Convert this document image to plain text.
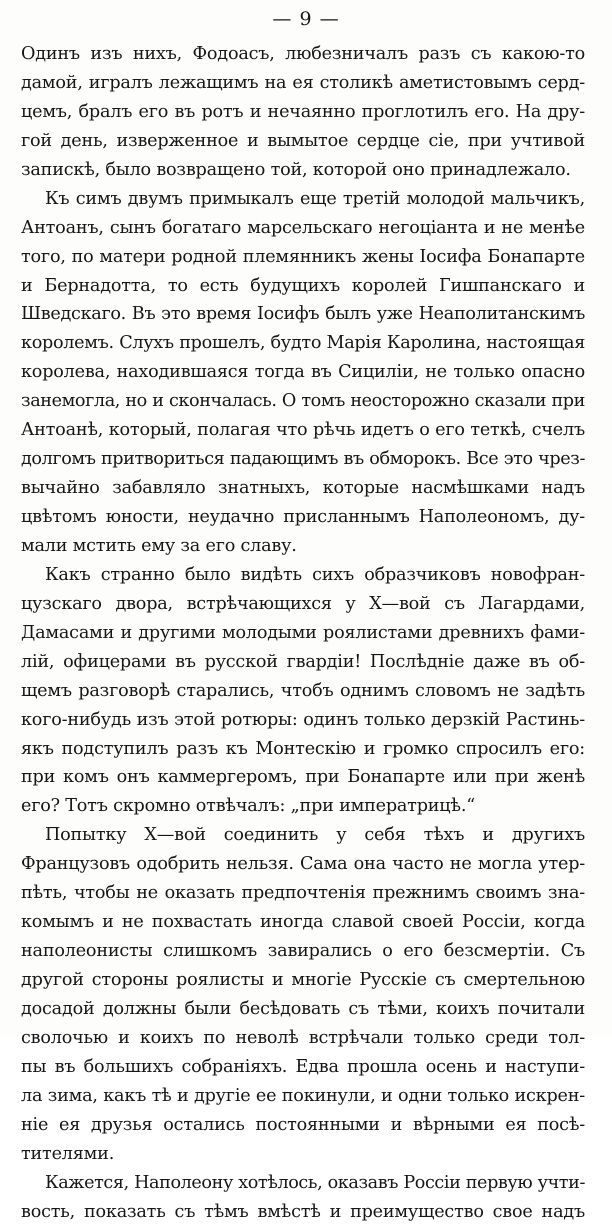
— 9 —
Одинъ изъ нихъ, Фодоасъ, любезничалъ разъ съ какою-то
дамой, игралъ лежащимъ на ея столикѣ аметистовымъ серд-
цемъ, бралъ его въ ротъ и нечаянно проглотилъ его. На дру-
гой день, изверженное и вымытое сердце сіе, при учтивой
запискѣ, было возвращено той, которой оно принадлежало.
Къ симъ двумъ примыкалъ еще третій молодой мальчикъ,
Антоанъ, сынъ богатаго марсельскаго негоціанта и не менѣе
того, по матери родной племянникъ жены Іосифа Бонапарте
и Бернадотта, то есть будущихъ королей Гишпанскаго и
Шведскаго. Въ это время Іосифъ былъ уже Неаполитанскимъ
королемъ. Слухъ прошелъ, будто Марія Каролина, настоящая
королева, находившаяся тогда въ Сициліи, не только опасно
занемогла, но и скончалась. О томъ неосторожно сказали при
Антоанѣ, который, полагая что рѣчь идетъ о его теткѣ, счелъ
долгомъ притвориться падающимъ въ обморокъ. Все это чрез-
вычайно забавляло знатныхъ, которые насмѣшками надъ
цвѣтомъ юности, неудачно присланнымъ Наполеономъ, ду-
мали мстить ему за его славу.
Какъ странно было видѣть сихъ образчиковъ новофран-
цузскаго двора, встрѣчающихся у Х—вой съ Лагардами,
Дамасами и другими молодыми роялистами древнихъ фами-
лій, офицерами въ русской гвардіи! Послѣдніе даже въ об-
щемъ разговорѣ старались, чтобъ однимъ словомъ не задѣть
кого-нибудь изъ этой ротюры: одинъ только дерзкій Растинь-
якъ подступилъ разъ къ Монтескію и громко спросилъ его:
при комъ онъ каммергеромъ, при Бонапарте или при женѣ
его? Тотъ скромно отвѣчалъ: „при императрицѣ.“
Попытку Х—вой соединить у себя тѣхъ и другихъ
Французовъ одобрить нельзя. Сама она часто не могла утер-
пѣть, чтобы не оказать предпочтенія прежнимъ своимъ зна-
комымъ и не похвастать иногда славой своей Россіи, когда
наполеонисты слишкомъ завирались о его безсмертіи. Съ
другой стороны роялисты и многіе Русскіе съ смертельною
досадой должны были бесѣдовать съ тѣми, коихъ почитали
сволочью и коихъ по неволѣ встрѣчали только среди тол-
пы въ большихъ собраніяхъ. Едва прошла осень и наступи-
ла зима, какъ тѣ и другіе ее покинули, и одни только искрен-
ніе ея друзья остались постоянными и вѣрными ея посѣ-
тителями.
Кажется, Наполеону хотѣлось, оказавъ Россіи первую учти-
вость, показать съ тѣмъ вмѣстѣ и преимущество свое надъ
